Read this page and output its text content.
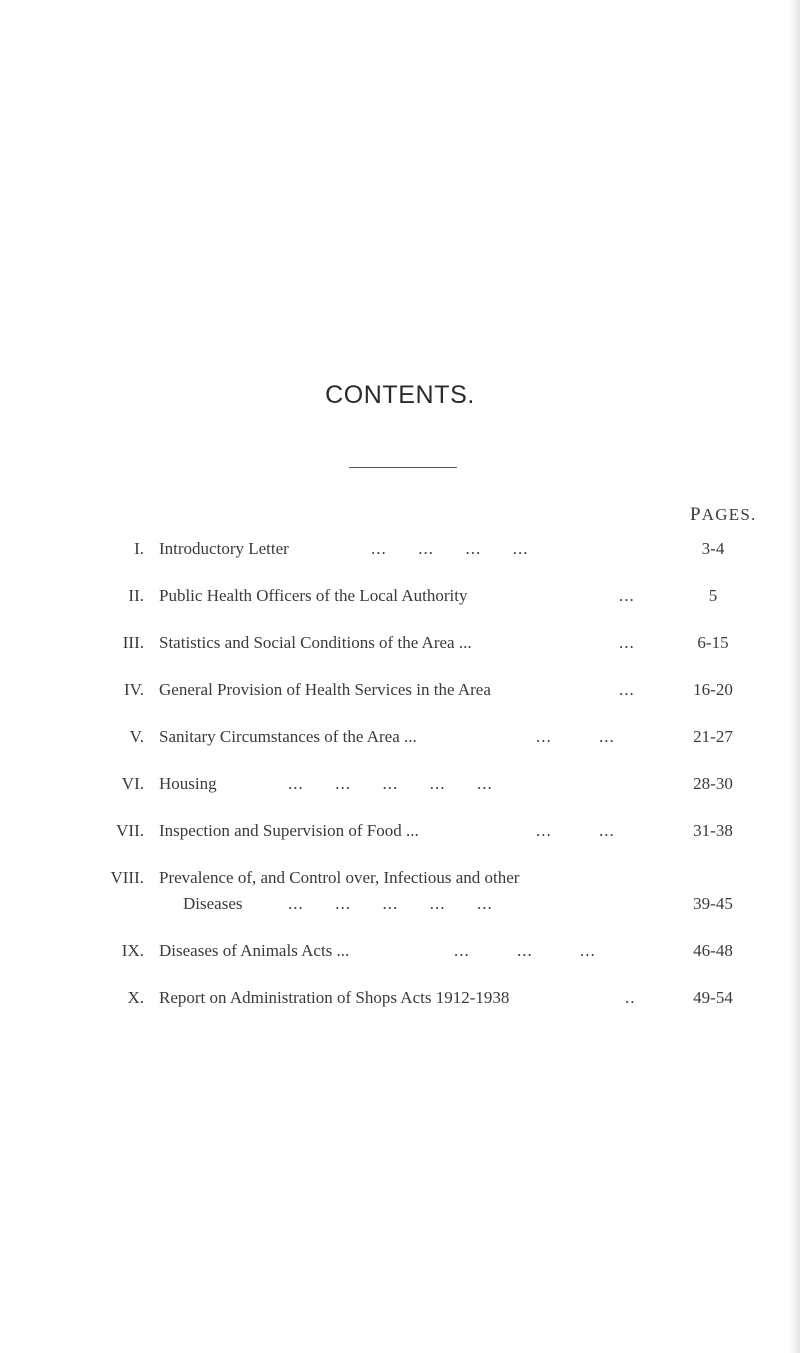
CONTENTS.
PAGES.
I. Introductory Letter	...      ...      ...      ...	3-4
II. Public Health Officers of the Local Authority	...	5
III. Statistics and Social Conditions of the Area ...	...	6-15
IV. General Provision of Health Services in the Area	...	16-20
V. Sanitary Circumstances of the Area ...	...         ...	21-27
VI. Housing	...      ...      ...      ...      ...	28-30
VII. Inspection and Supervision of Food ...	...         ...	31-38
VIII. Prevalence of, and Control over, Infectious and other
Diseases	...      ...      ...      ...      ...	39-45
IX. Diseases of Animals Acts ...	...         ...         ...	46-48
X. Report on Administration of Shops Acts 1912-1938	..	49-54
